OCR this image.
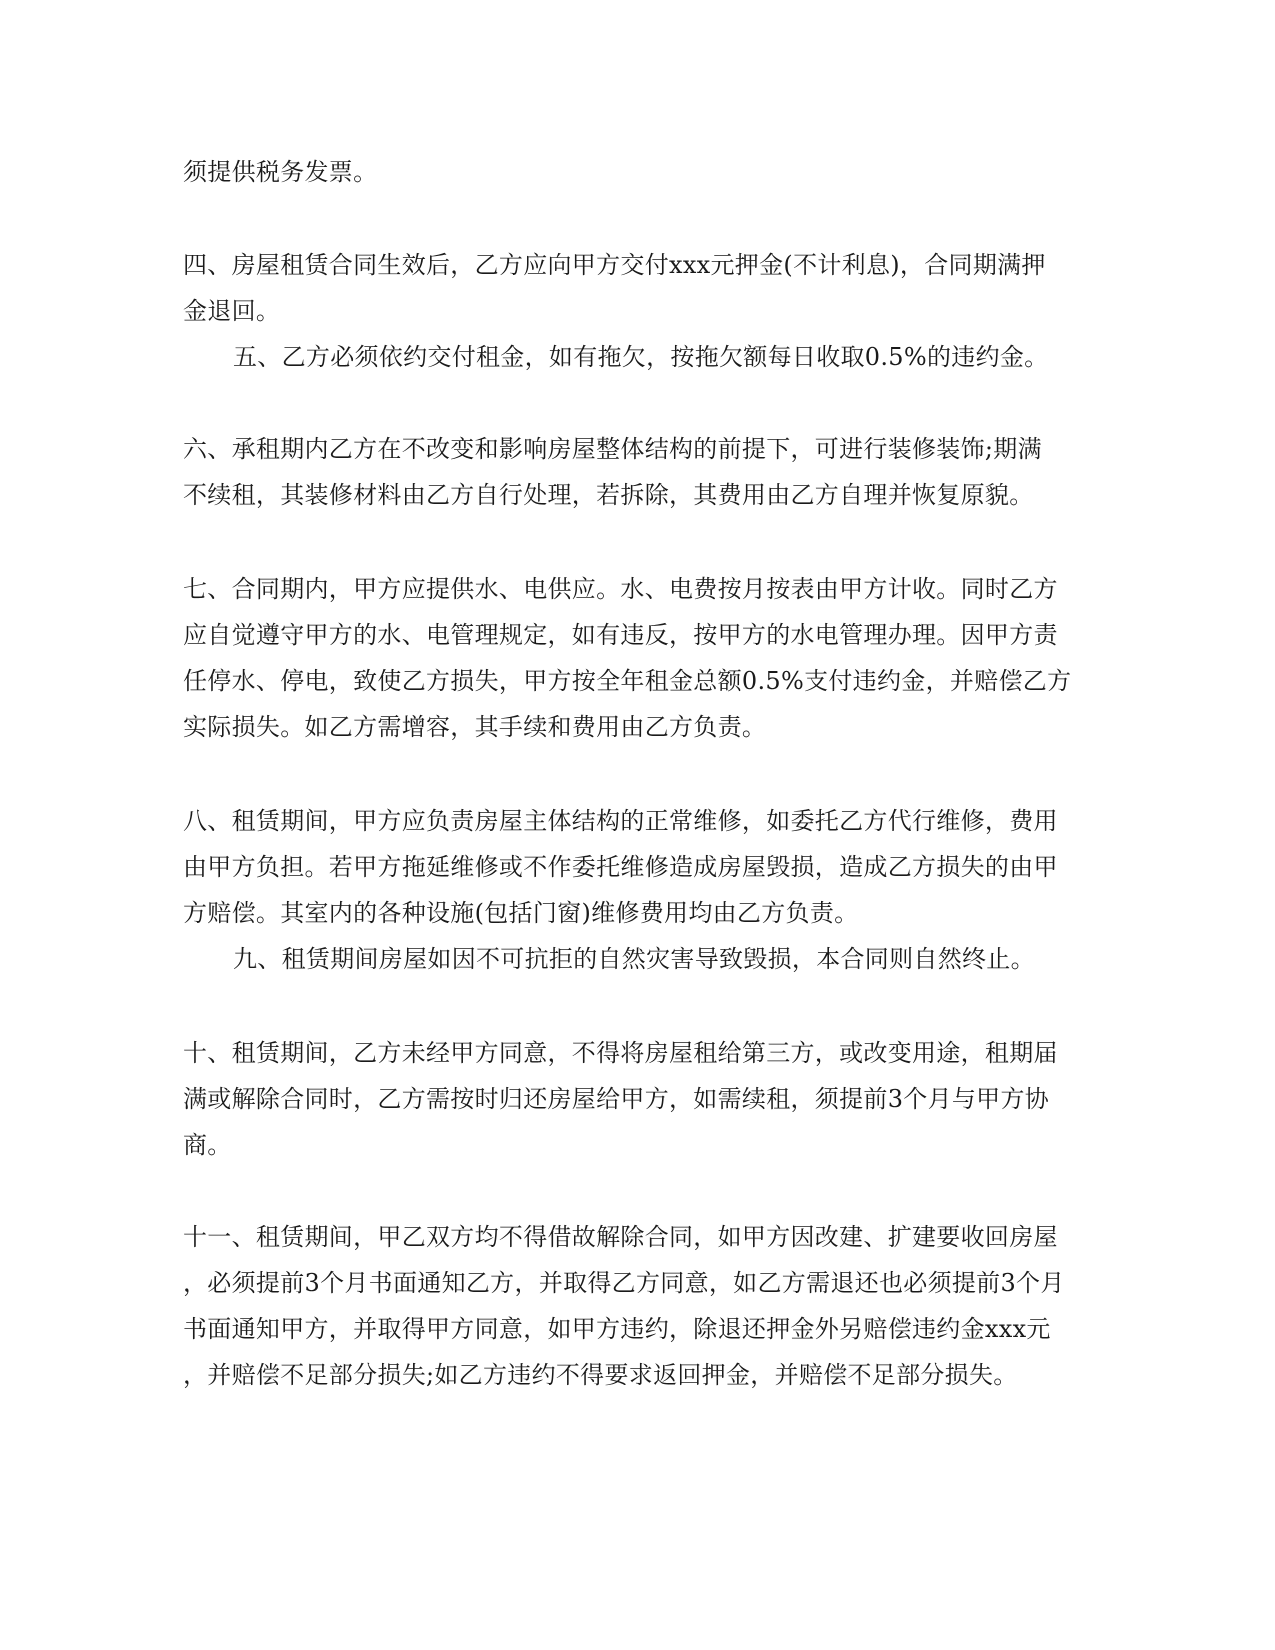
须提供税务发票。

四、房屋租赁合同生效后，乙方应向甲方交付xxx元押金(不计利息)，合同期满押
金退回。

五、乙方必须依约交付租金，如有拖欠，按拖欠额每日收取0.5%的违约金。

六、承租期内乙方在不改变和影响房屋整体结构的前提下，可进行装修装饰;期满
不续租，其装修材料由乙方自行处理，若拆除，其费用由乙方自理并恢复原貌。

七、合同期内，甲方应提供水、电供应。水、电费按月按表由甲方计收。同时乙方
应自觉遵守甲方的水、电管理规定，如有违反，按甲方的水电管理办理。因甲方责
任停水、停电，致使乙方损失，甲方按全年租金总额0.5%支付违约金，并赔偿乙方
实际损失。如乙方需增容，其手续和费用由乙方负责。

八、租赁期间，甲方应负责房屋主体结构的正常维修，如委托乙方代行维修，费用
由甲方负担。若甲方拖延维修或不作委托维修造成房屋毁损，造成乙方损失的由甲
方赔偿。其室内的各种设施(包括门窗)维修费用均由乙方负责。

九、租赁期间房屋如因不可抗拒的自然灾害导致毁损，本合同则自然终止。

十、租赁期间，乙方未经甲方同意，不得将房屋租给第三方，或改变用途，租期届
满或解除合同时，乙方需按时归还房屋给甲方，如需续租，须提前3个月与甲方协
商。

十一、租赁期间，甲乙双方均不得借故解除合同，如甲方因改建、扩建要收回房屋
，必须提前3个月书面通知乙方，并取得乙方同意，如乙方需退还也必须提前3个月
书面通知甲方，并取得甲方同意，如甲方违约，除退还押金外另赔偿违约金xxx元
，并赔偿不足部分损失;如乙方违约不得要求返回押金，并赔偿不足部分损失。
